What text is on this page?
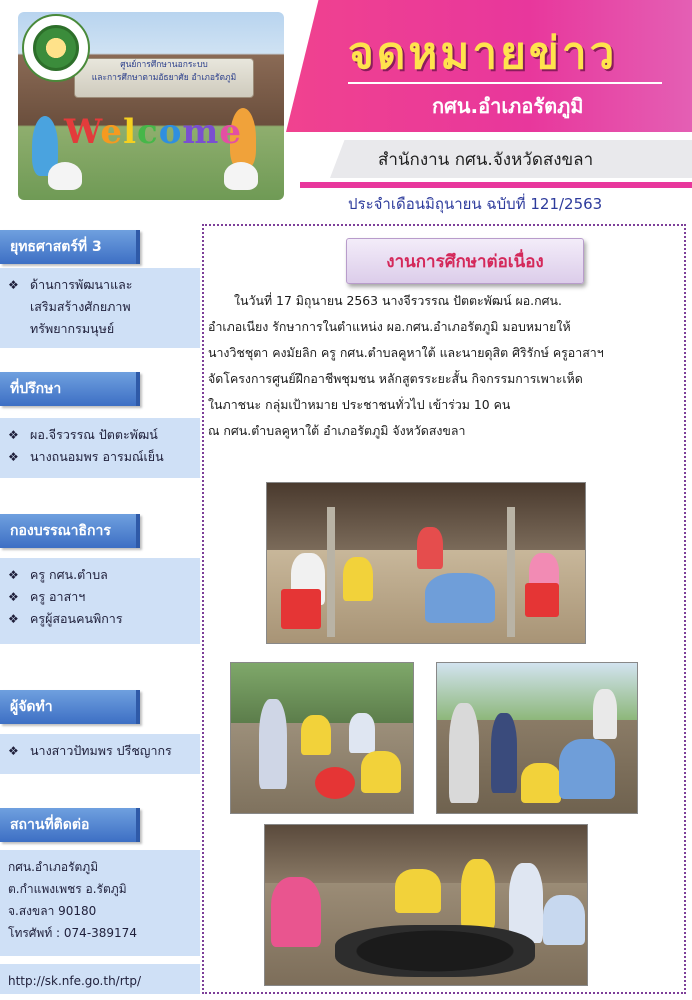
ศูนย์การศึกษานอกระบบ
และการศึกษาตามอัธยาศัย อำเภอรัตภูมิ
Welcome
จดหมายข่าว
กศน.อำเภอรัตภูมิ
สำนักงาน กศน.จังหวัดสงขลา
ประจำเดือนมิถุนายน ฉบับที่ 121/2563
ยุทธศาสตร์ที่ 3
❖ ด้านการพัฒนาและ
เสริมสร้างศักยภาพ
ทรัพยากรมนุษย์
ที่ปรึกษา
❖ ผอ.จีรวรรณ ปัตตะพัฒน์
❖ นางถนอมพร อารมณ์เย็น
กองบรรณาธิการ
❖ ครู กศน.ตำบล
❖ ครู อาสาฯ
❖ ครูผู้สอนคนพิการ
ผู้จัดทำ
❖ นางสาวปัทมพร ปรีชญากร
สถานที่ติดต่อ
กศน.อำเภอรัตภูมิ
ต.กำแพงเพชร อ.รัตภูมิ
จ.สงขลา 90180
โทรศัพท์ : 074-389174
http://sk.nfe.go.th/rtp/
งานการศึกษาต่อเนื่อง

ในวันที่ 17 มิถุนายน 2563 นางจีรวรรณ ปัตตะพัฒน์ ผอ.กศน.

อำเภอเนียง รักษาการในตำแหน่ง ผอ.กศน.อำเภอรัตภูมิ มอบหมายให้
นางวิชชุตา คงมัยลิก ครู กศน.ตำบลคูหาใต้ และนายดุสิต ศิริรักษ์ ครูอาสาฯ
จัดโครงการศูนย์ฝึกอาชีพชุมชน หลักสูตรระยะสั้น กิจกรรมการเพาะเห็ด
ในภาชนะ กลุ่มเป้าหมาย ประชาชนทั่วไป เข้าร่วม 10 คน
ณ กศน.ตำบลคูหาใต้ อำเภอรัตภูมิ จังหวัดสงขลา
